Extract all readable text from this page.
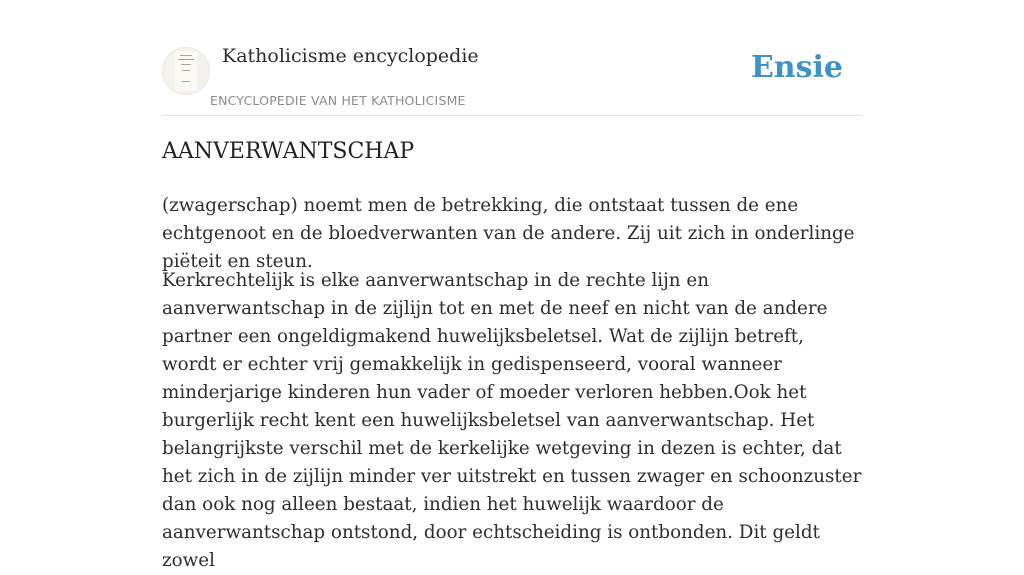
Katholicisme encyclopedie
ENCYCLOPEDIE VAN HET KATHOLICISME
Ensie
AANVERWANTSCHAP

(zwagerschap) noemt men de betrekking, die ontstaat tussen de ene echtgenoot en de bloedverwanten van de andere. Zij uit zich in onderlinge piëteit en steun.

Kerkrechtelijk is elke aanverwantschap in de rechte lijn en aanverwantschap in de zijlijn tot en met de neef en nicht van de andere partner een ongeldigmakend huwelijksbeletsel. Wat de zijlijn betreft, wordt er echter vrij gemakkelijk in gedispenseerd, vooral wanneer minderjarige kinderen hun vader of moeder verloren hebben.Ook het burgerlijk recht kent een huwelijksbeletsel van aanverwantschap. Het belangrijkste verschil met de kerkelijke wetgeving in dezen is echter, dat het zich in de zijlijn minder ver uitstrekt en tussen zwager en schoonzuster dan ook nog alleen bestaat, indien het huwelijk waardoor de aanverwantschap ontstond, door echtscheiding is ontbonden. Dit geldt zowel
